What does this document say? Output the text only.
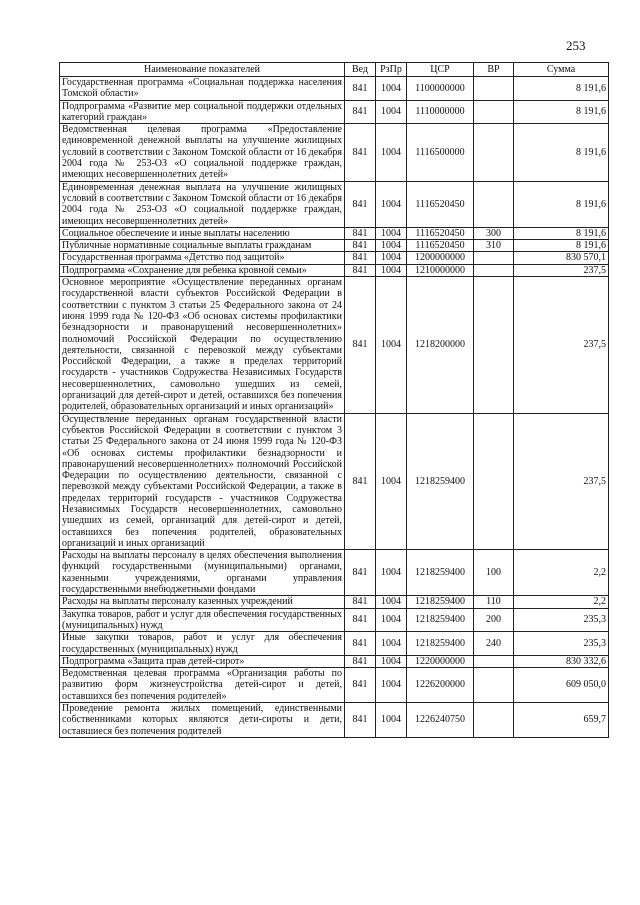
253
Наименование показателей	Вед	РзПр	ЦСР	ВР	Сумма
Государственная программа «Социальная поддержка населения Томской области»	841	1004	1100000000		8 191,6
Подпрограмма «Развитие мер социальной поддержки отдельных категорий граждан»	841	1004	1110000000		8 191,6
Ведомственная целевая программа «Предоставление единовременной денежной выплаты на улучшение жилищных условий в соответствии с Законом Томской области от 16 декабря 2004 года № 253-ОЗ «О социальной поддержке граждан, имеющих несовершеннолетних детей»	841	1004	1116500000		8 191,6
Единовременная денежная выплата на улучшение жилищных условий в соответствии с Законом Томской области от 16 декабря 2004 года № 253-ОЗ «О социальной поддержке граждан, имеющих несовершеннолетних детей»	841	1004	1116520450		8 191,6
Социальное обеспечение и иные выплаты населению	841	1004	1116520450	300	8 191,6
Публичные нормативные социальные выплаты гражданам	841	1004	1116520450	310	8 191,6
Государственная программа «Детство под защитой»	841	1004	1200000000		830 570,1
Подпрограмма «Сохранение для ребенка кровной семьи»	841	1004	1210000000		237,5
Основное мероприятие «Осуществление переданных органам государственной власти субъектов Российской Федерации в соответствии с пунктом 3 статьи 25 Федерального закона от 24 июня 1999 года № 120-ФЗ «Об основах системы профилактики безнадзорности и правонарушений несовершеннолетних» полномочий Российской Федерации по осуществлению деятельности, связанной с перевозкой между субъектами Российской Федерации, а также в пределах территорий государств - участников Содружества Независимых Государств несовершеннолетних, самовольно ушедших из семей, организаций для детей-сирот и детей, оставшихся без попечения родителей, образовательных организаций и иных организаций»	841	1004	1218200000		237,5
Осуществление переданных органам государственной власти субъектов Российской Федерации в соответствии с пунктом 3 статьи 25 Федерального закона от 24 июня 1999 года № 120-ФЗ «Об основах системы профилактики безнадзорности и правонарушений несовершеннолетних» полномочий Российской Федерации по осуществлению деятельности, связанной с перевозкой между субъектами Российской Федерации, а также в пределах территорий государств - участников Содружества Независимых Государств несовершеннолетних, самовольно ушедших из семей, организаций для детей-сирот и детей, оставшихся без попечения родителей, образовательных организаций и иных организаций	841	1004	1218259400		237,5
Расходы на выплаты персоналу в целях обеспечения выполнения функций государственными (муниципальными) органами, казенными учреждениями, органами управления государственными внебюджетными фондами	841	1004	1218259400	100	2,2
Расходы на выплаты персоналу казенных учреждений	841	1004	1218259400	110	2,2
Закупка товаров, работ и услуг для обеспечения государственных (муниципальных) нужд	841	1004	1218259400	200	235,3
Иные закупки товаров, работ и услуг для обеспечения государственных (муниципальных) нужд	841	1004	1218259400	240	235,3
Подпрограмма «Защита прав детей-сирот»	841	1004	1220000000		830 332,6
Ведомственная целевая программа «Организация работы по развитию форм жизнеустройства детей-сирот и детей, оставшихся без попечения родителей»	841	1004	1226200000		609 050,0
Проведение ремонта жилых помещений, единственными собственниками которых являются дети-сироты и дети, оставшиеся без попечения родителей	841	1004	1226240750		659,7
